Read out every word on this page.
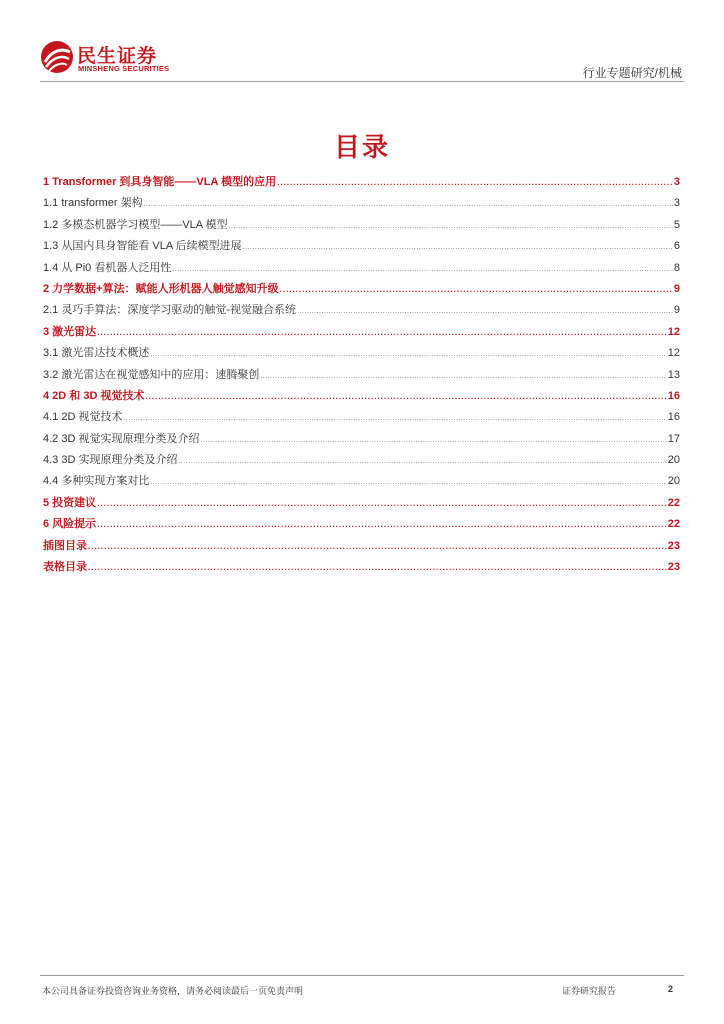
民生证券
MINSHENG SECURITIES	行业专题研究/机械
目录
1 Transformer 到具身智能——VLA 模型的应用 .....	3
1.1 transformer 架构 .....	3
1.2 多模态机器学习模型——VLA 模型 .....	5
1.3 从国内具身智能看 VLA 后续模型进展 .....	6
1.4 从 Pi0 看机器人泛用性 .....	8
2 力学数据+算法：赋能人形机器人触觉感知升级 .....	9
2.1 灵巧手算法：深度学习驱动的触觉-视觉融合系统 .....	9
3 激光雷达 .....	12
3.1 激光雷达技术概述 .....	12
3.2 激光雷达在视觉感知中的应用：速腾聚创 .....	13
4 2D 和 3D 视觉技术 .....	16
4.1 2D 视觉技术 .....	16
4.2 3D 视觉实现原理分类及介绍 .....	17
4.3 3D 实现原理分类及介绍 .....	20
4.4 多种实现方案对比 .....	20
5 投资建议 .....	22
6 风险提示 .....	22
插图目录 .....	23
表格目录 .....	23
本公司具备证券投资咨询业务资格，请务必阅读最后一页免责声明	证券研究报告	2
